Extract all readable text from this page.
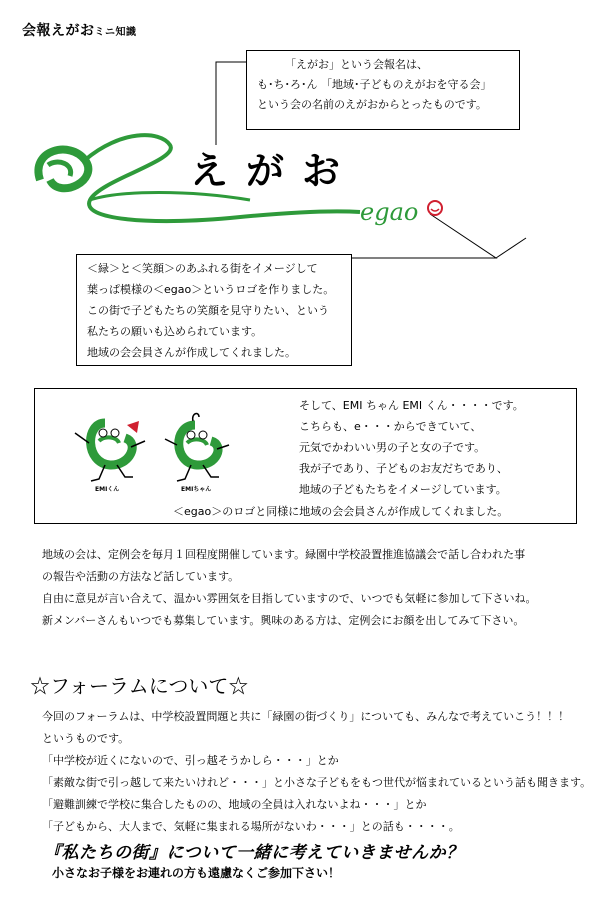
会報えがおミニ知識
「えがお」という会報名は、
も･ち･ろ･ん 「地域･子どものえがおを守る会」
という会の名前のえがおからとったものです。
egao
えがお
＜緑＞と＜笑顔＞のあふれる街をイメージして
葉っぱ模様の＜egao＞というロゴを作りました。
この街で子どもたちの笑顔を見守りたい、という
私たちの願いも込められています。
地域の会会員さんが作成してくれました。
EMIくん	EMIちゃん
そして、EMI ちゃん EMI くん・・・・です。
こちらも、e・・・からできていて、
元気でかわいい男の子と女の子です。
我が子であり、子どものお友だちであり、
地域の子どもたちをイメージしています。
＜egao＞のロゴと同様に地域の会会員さんが作成してくれました。
地域の会は、定例会を毎月１回程度開催しています。緑園中学校設置推進協議会で話し合われた事
の報告や活動の方法など話しています。
自由に意見が言い合えて、温かい雰囲気を目指していますので、いつでも気軽に参加して下さいね。
新メンバーさんもいつでも募集しています。興味のある方は、定例会にお顔を出してみて下さい。
☆フォーラムについて☆
今回のフォーラムは、中学校設置問題と共に「緑園の街づくり」についても、みんなで考えていこう！！！
というものです。
「中学校が近くにないので、引っ越そうかしら・・・」とか
「素敵な街で引っ越して来たいけれど・・・」と小さな子どもをもつ世代が悩まれているという話も聞きます。
「避難訓練で学校に集合したものの、地域の全員は入れないよね・・・」とか
「子どもから、大人まで、気軽に集まれる場所がないわ・・・」との話も・・・・。
『私たちの街』について一緒に考えていきませんか？
小さなお子様をお連れの方も遠慮なくご参加下さい！
